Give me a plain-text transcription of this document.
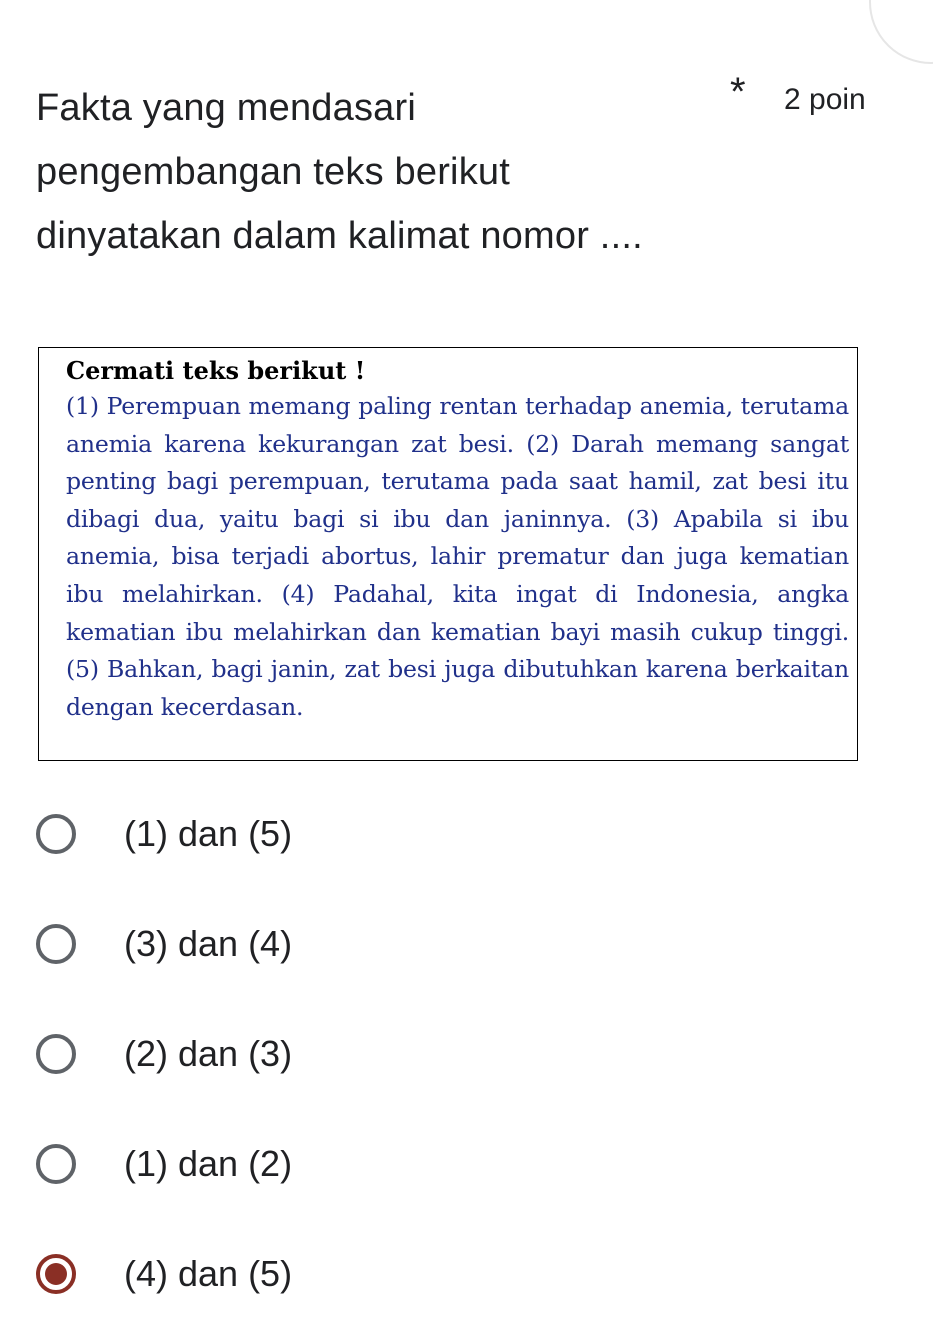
Fakta yang mendasari pengembangan teks berikut dinyatakan dalam kalimat nomor ....
* 2 poin
Cermati teks berikut !
(1) Perempuan memang paling rentan terhadap anemia, terutama anemia karena kekurangan zat besi. (2) Darah memang sangat penting bagi perempuan, terutama pada saat hamil, zat besi itu dibagi dua, yaitu bagi si ibu dan janinnya. (3) Apabila si ibu anemia, bisa terjadi abortus, lahir prematur dan juga kematian ibu melahirkan. (4) Padahal, kita ingat di Indonesia, angka kematian ibu melahirkan dan kematian bayi masih cukup tinggi. (5) Bahkan, bagi janin, zat besi juga dibutuhkan karena berkaitan dengan kecerdasan.
(1) dan (5)
(3) dan (4)
(2) dan (3)
(1) dan (2)
(4) dan (5)
